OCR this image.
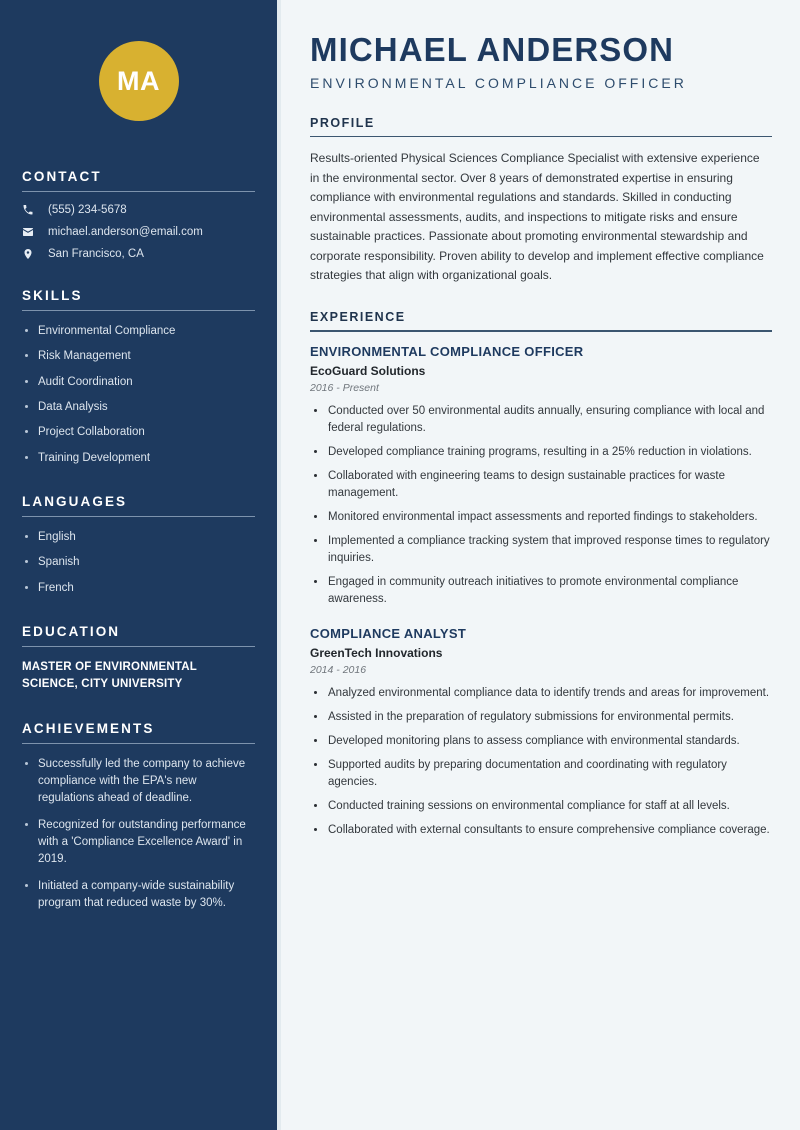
MA
CONTACT
(555) 234-5678
michael.anderson@email.com
San Francisco, CA
SKILLS
Environmental Compliance
Risk Management
Audit Coordination
Data Analysis
Project Collaboration
Training Development
LANGUAGES
English
Spanish
French
EDUCATION
MASTER OF ENVIRONMENTAL SCIENCE, CITY UNIVERSITY
ACHIEVEMENTS
Successfully led the company to achieve compliance with the EPA's new regulations ahead of deadline.
Recognized for outstanding performance with a 'Compliance Excellence Award' in 2019.
Initiated a company-wide sustainability program that reduced waste by 30%.
MICHAEL ANDERSON
ENVIRONMENTAL COMPLIANCE OFFICER
PROFILE

Results-oriented Physical Sciences Compliance Specialist with extensive experience in the environmental sector. Over 8 years of demonstrated expertise in ensuring compliance with environmental regulations and standards. Skilled in conducting environmental assessments, audits, and inspections to mitigate risks and ensure sustainable practices. Passionate about promoting environmental stewardship and corporate responsibility. Proven ability to develop and implement effective compliance strategies that align with organizational goals.

EXPERIENCE
ENVIRONMENTAL COMPLIANCE OFFICER
EcoGuard Solutions
2016 - Present
Conducted over 50 environmental audits annually, ensuring compliance with local and federal regulations.
Developed compliance training programs, resulting in a 25% reduction in violations.
Collaborated with engineering teams to design sustainable practices for waste management.
Monitored environmental impact assessments and reported findings to stakeholders.
Implemented a compliance tracking system that improved response times to regulatory inquiries.
Engaged in community outreach initiatives to promote environmental compliance awareness.
COMPLIANCE ANALYST
GreenTech Innovations
2014 - 2016
Analyzed environmental compliance data to identify trends and areas for improvement.
Assisted in the preparation of regulatory submissions for environmental permits.
Developed monitoring plans to assess compliance with environmental standards.
Supported audits by preparing documentation and coordinating with regulatory agencies.
Conducted training sessions on environmental compliance for staff at all levels.
Collaborated with external consultants to ensure comprehensive compliance coverage.
